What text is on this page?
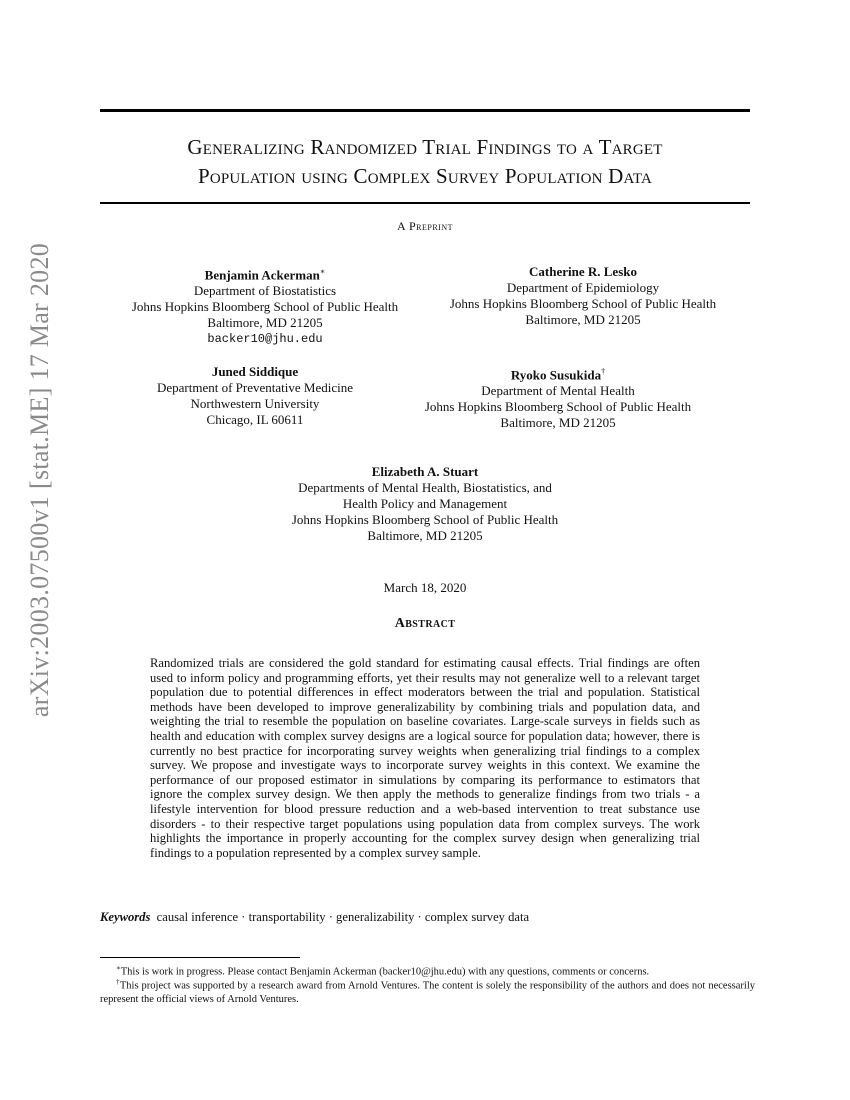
arXiv:2003.07500v1 [stat.ME] 17 Mar 2020
Generalizing Randomized Trial Findings to a Target
Population using Complex Survey Population Data
A Preprint
Benjamin Ackerman∗
Department of Biostatistics
Johns Hopkins Bloomberg School of Public Health
Baltimore, MD 21205
backer10@jhu.edu
Catherine R. Lesko
Department of Epidemiology
Johns Hopkins Bloomberg School of Public Health
Baltimore, MD 21205
Juned Siddique
Department of Preventative Medicine
Northwestern University
Chicago, IL 60611
Ryoko Susukida†
Department of Mental Health
Johns Hopkins Bloomberg School of Public Health
Baltimore, MD 21205
Elizabeth A. Stuart
Departments of Mental Health, Biostatistics, and
Health Policy and Management
Johns Hopkins Bloomberg School of Public Health
Baltimore, MD 21205
March 18, 2020
Abstract
Randomized trials are considered the gold standard for estimating causal effects. Trial findings are often used to inform policy and programming efforts, yet their results may not generalize well to a relevant target population due to potential differences in effect moderators between the trial and population. Statistical methods have been developed to improve generalizability by combining trials and population data, and weighting the trial to resemble the population on baseline covariates. Large-scale surveys in fields such as health and education with complex survey designs are a logical source for population data; however, there is currently no best practice for incorporating survey weights when generalizing trial findings to a complex survey. We propose and investigate ways to incorporate survey weights in this context. We examine the performance of our proposed estimator in simulations by comparing its performance to estimators that ignore the complex survey design. We then apply the methods to generalize findings from two trials - a lifestyle intervention for blood pressure reduction and a web-based intervention to treat substance use disorders - to their respective target populations using population data from complex surveys. The work highlights the importance in properly accounting for the complex survey design when generalizing trial findings to a population represented by a complex survey sample.
Keywords causal inference · transportability · generalizability · complex survey data
∗This is work in progress. Please contact Benjamin Ackerman (backer10@jhu.edu) with any questions, comments or concerns.
†This project was supported by a research award from Arnold Ventures. The content is solely the responsibility of the authors and does not necessarily represent the official views of Arnold Ventures.
